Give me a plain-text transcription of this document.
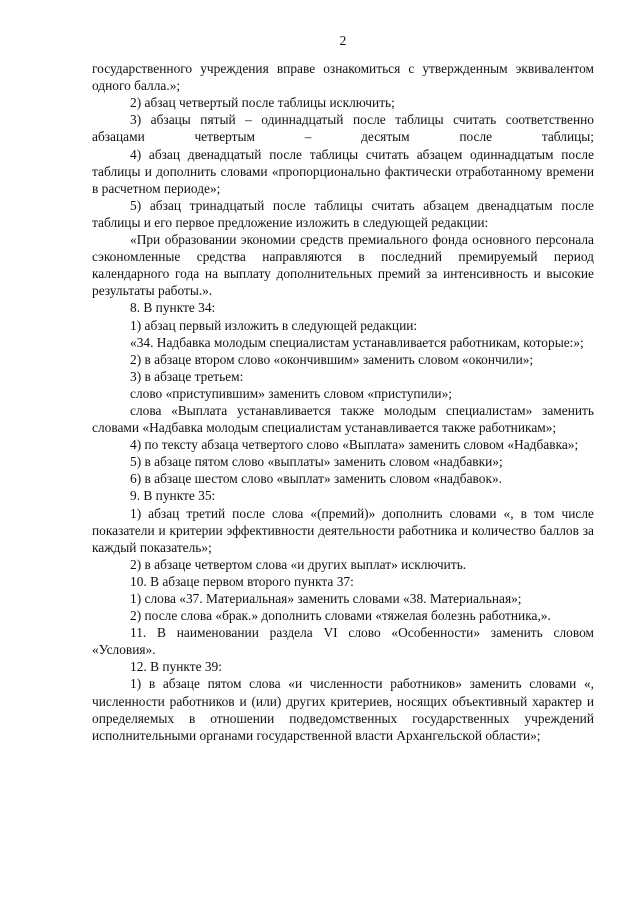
2

государственного учреждения вправе ознакомиться с утвержденным эквивалентом одного балла.»;

2) абзац четвертый после таблицы исключить;

3) абзацы пятый – одиннадцатый после таблицы считать соответственно абзацами четвертым – десятым после таблицы;

4) абзац двенадцатый после таблицы считать абзацем одиннадцатым после таблицы и дополнить словами «пропорционально фактически отработанному времени в расчетном периоде»;

5) абзац тринадцатый после таблицы считать абзацем двенадцатым после таблицы и его первое предложение изложить в следующей редакции:

«При образовании экономии средств премиального фонда основного персонала сэкономленные средства направляются в последний премируемый период календарного года на выплату дополнительных премий за интенсивность и высокие результаты работы.».

8. В пункте 34:

1) абзац первый изложить в следующей редакции:

«34. Надбавка молодым специалистам устанавливается работникам, которые:»;

2) в абзаце втором слово «окончившим» заменить словом «окончили»;

3) в абзаце третьем:

слово «приступившим» заменить словом «приступили»;

слова «Выплата устанавливается также молодым специалистам» заменить словами «Надбавка молодым специалистам устанавливается также работникам»;

4) по тексту абзаца четвертого слово «Выплата» заменить словом «Надбавка»;

5) в абзаце пятом слово «выплаты» заменить словом «надбавки»;

6) в абзаце шестом слово «выплат» заменить словом «надбавок».

9. В пункте 35:

1) абзац третий после слова «(премий)» дополнить словами «, в том числе показатели и критерии эффективности деятельности работника и количество баллов за каждый показатель»;

2) в абзаце четвертом слова «и других выплат» исключить.

10. В абзаце первом второго пункта 37:

1) слова «37. Материальная» заменить словами «38. Материальная»;

2) после слова «брак.» дополнить словами «тяжелая болезнь работника,».

11. В наименовании раздела VI слово «Особенности» заменить словом «Условия».

12. В пункте 39:

1) в абзаце пятом слова «и численности работников» заменить словами «, численности работников и (или) других критериев, носящих объективный характер и определяемых в отношении подведомственных государственных учреждений исполнительными органами государственной власти Архангельской области»;
